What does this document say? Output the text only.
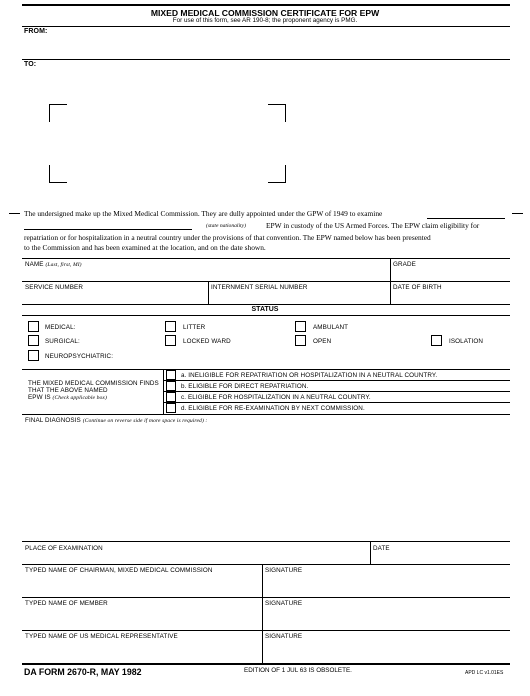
MIXED MEDICAL COMMISSION CERTIFICATE FOR EPW
For use of this form, see AR 190-8; the proponent agency is PMG.
FROM:
TO:
The undersigned make up the Mixed Medical Commission. They are dully appointed under the GPW of 1949 to examine
(state nationality)	EPW in custody of the US Armed Forces. The EPW claim eligibility for
repatriation or for hospitalization in a neutral country under the provisions of that convention. The EPW named below has been presented
to the Commission and has been examined at the location, and on the date shown.
NAME (Last, first, MI)	GRADE
SERVICE NUMBER	INTERNMENT SERIAL NUMBER	DATE OF BIRTH
STATUS
MEDICAL:	LITTER	AMBULANT
SURGICAL:	LOCKED WARD	OPEN	ISOLATION
NEUROPSYCHIATRIC:
THE MIXED MEDICAL COMMISSION FINDS
THAT THE ABOVE NAMED
EPW IS (Check applicable box)
a. INELIGIBLE FOR REPATRIATION OR HOSPITALIZATION IN A NEUTRAL COUNTRY.
b. ELIGIBLE FOR DIRECT REPATRIATION.
c. ELIGIBLE FOR HOSPITALIZATION IN A NEUTRAL COUNTRY.
d. ELIGIBLE FOR RE-EXAMINATION BY NEXT COMMISSION.
FINAL DIAGNOSIS (Continue on reverse side if more space is required) :
PLACE OF EXAMINATION	DATE
TYPED NAME OF CHAIRMAN, MIXED MEDICAL COMMISSION	SIGNATURE
TYPED NAME OF MEMBER	SIGNATURE
TYPED NAME OF US MEDICAL REPRESENTATIVE	SIGNATURE
DA FORM 2670-R, MAY 1982	EDITION OF 1 JUL 63 IS OBSOLETE.	APD LC v1.01ES
